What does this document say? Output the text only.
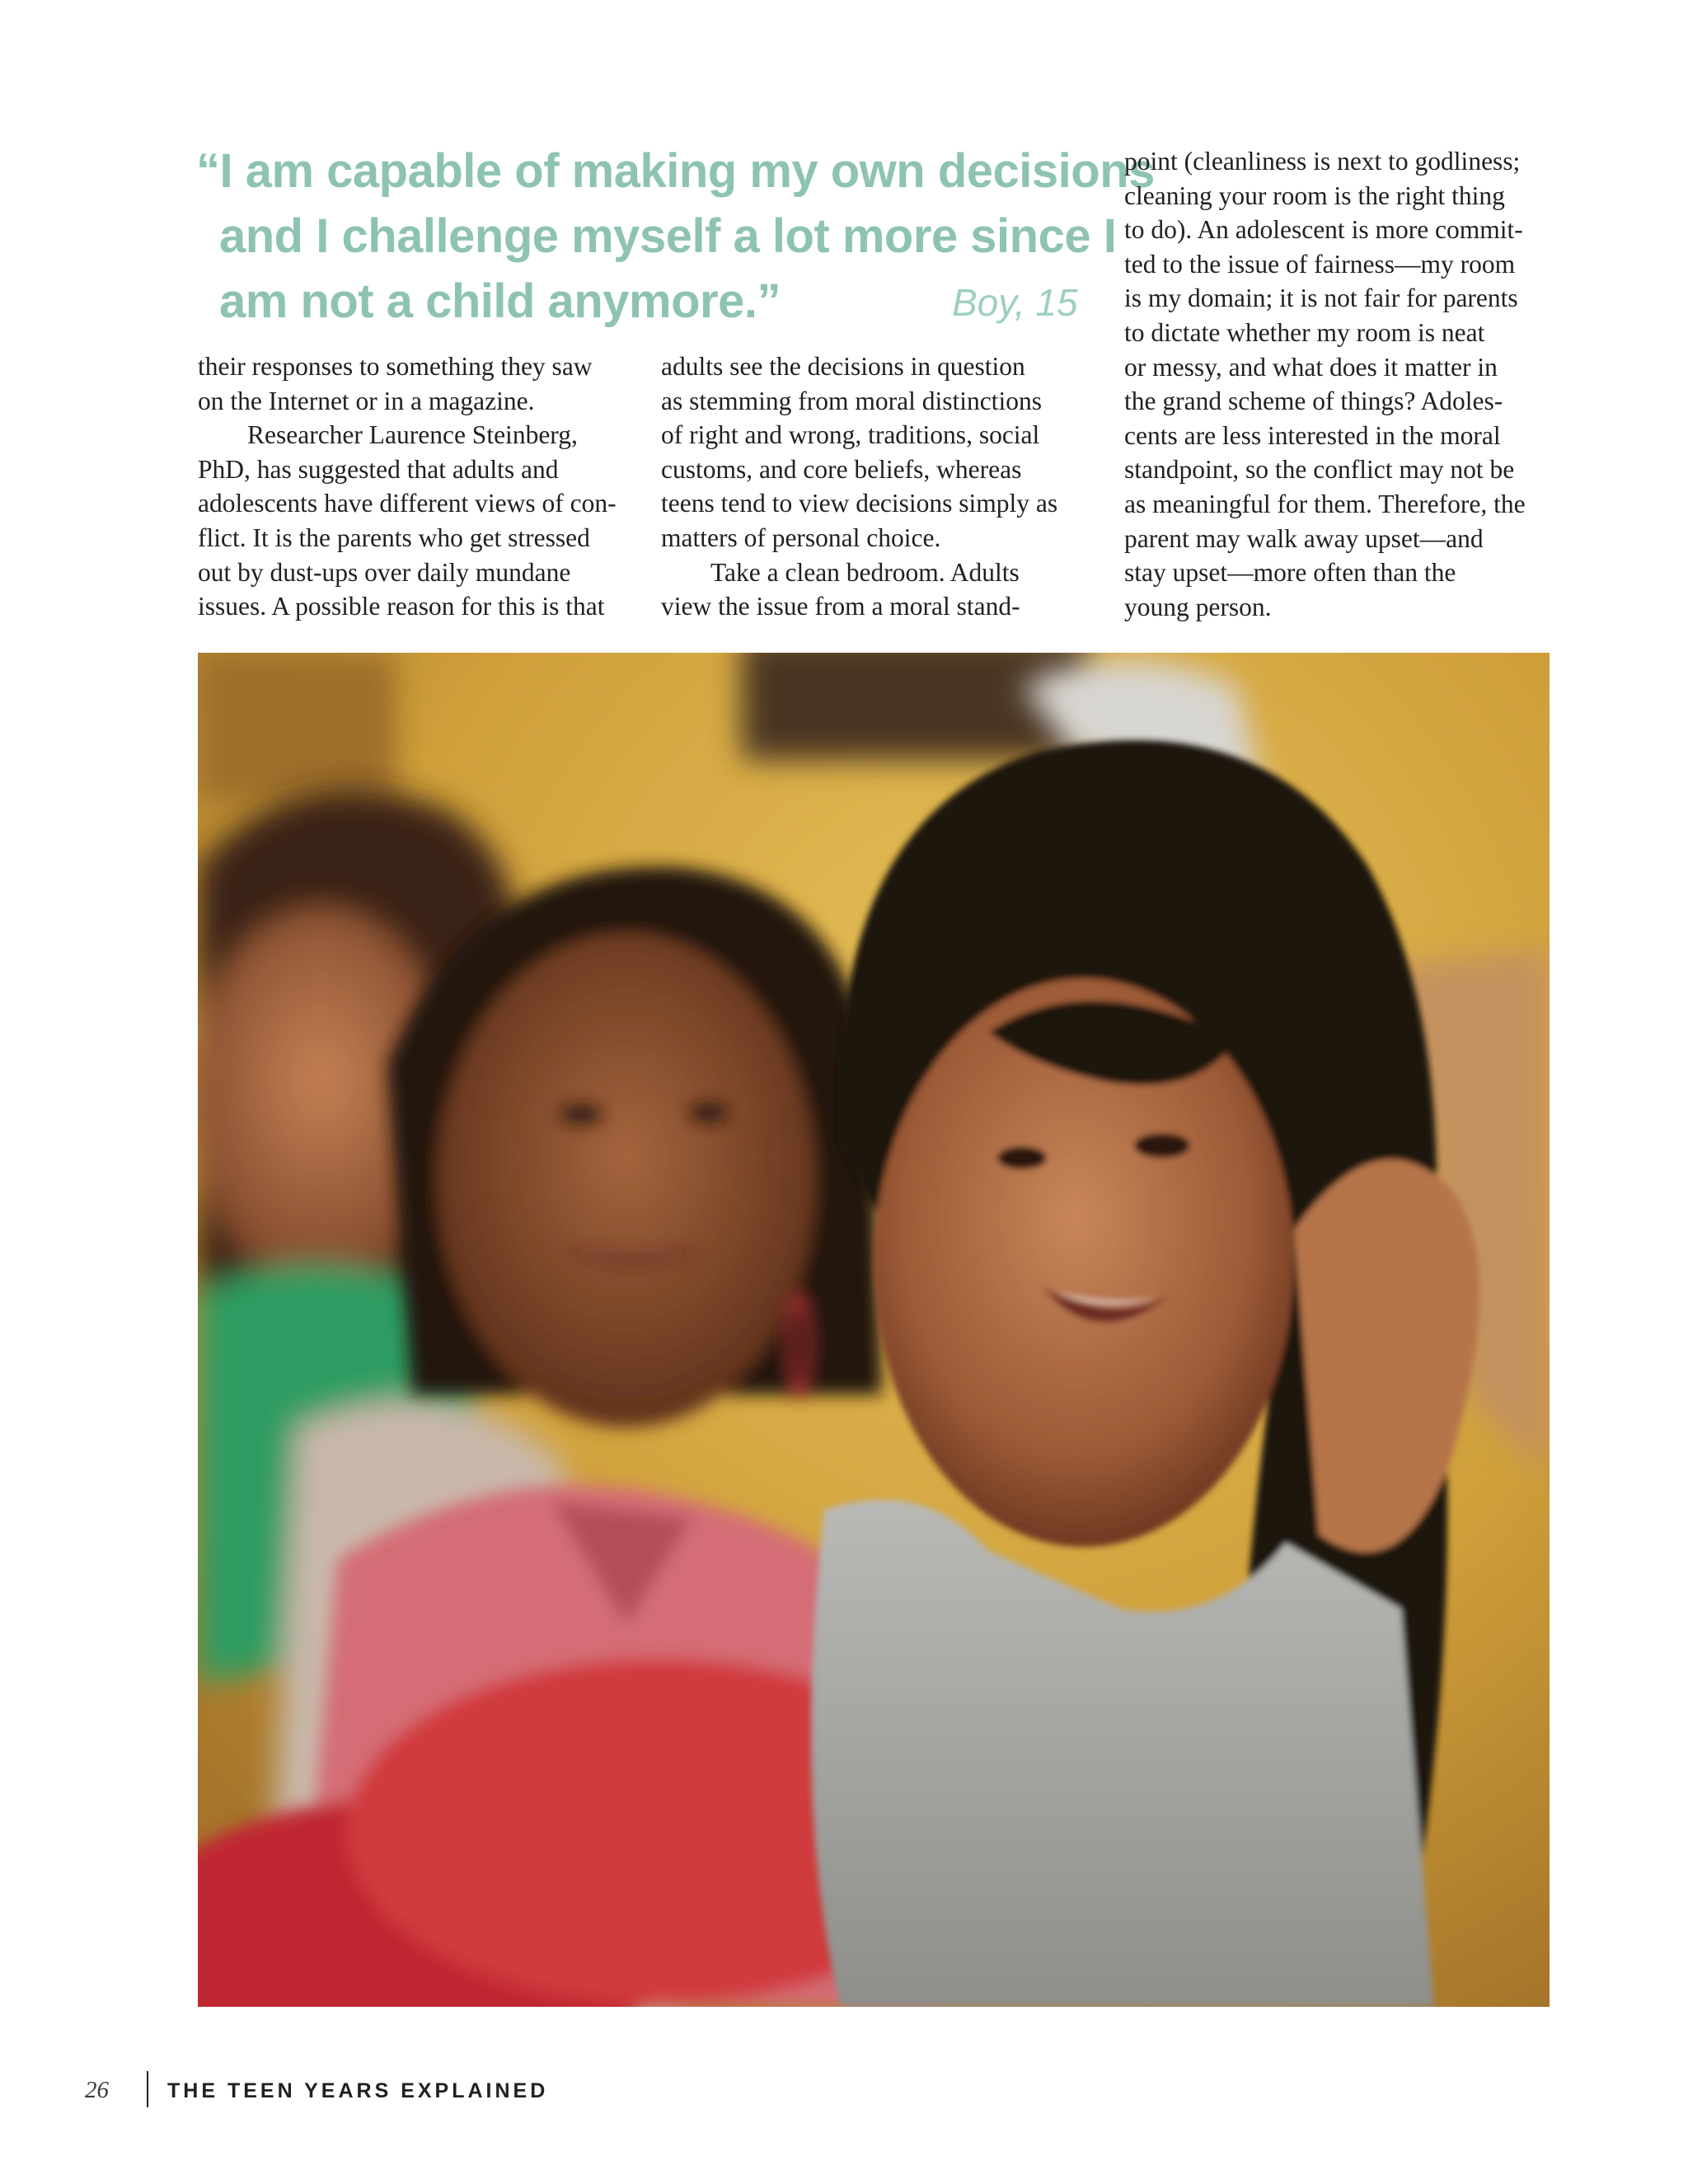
“I am capable of making my own decisions
and I challenge myself a lot more since I
am not a child anymore.”	Boy, 15
their responses to something they saw
on the Internet or in a magazine.
Researcher Laurence Steinberg,
PhD, has suggested that adults and
adolescents have different views of con-
flict. It is the parents who get stressed
out by dust-ups over daily mundane
issues. A possible reason for this is that
adults see the decisions in question
as stemming from moral distinctions
of right and wrong, traditions, social
customs, and core beliefs, whereas
teens tend to view decisions simply as
matters of personal choice.
Take a clean bedroom. Adults
view the issue from a moral stand-
point (cleanliness is next to godliness;
cleaning your room is the right thing
to do). An adolescent is more commit-
ted to the issue of fairness—my room
is my domain; it is not fair for parents
to dictate whether my room is neat
or messy, and what does it matter in
the grand scheme of things? Adoles-
cents are less interested in the moral
standpoint, so the conflict may not be
as meaningful for them. Therefore, the
parent may walk away upset—and
stay upset—more often than the
young person.
26	THE TEEN YEARS EXPLAINED
